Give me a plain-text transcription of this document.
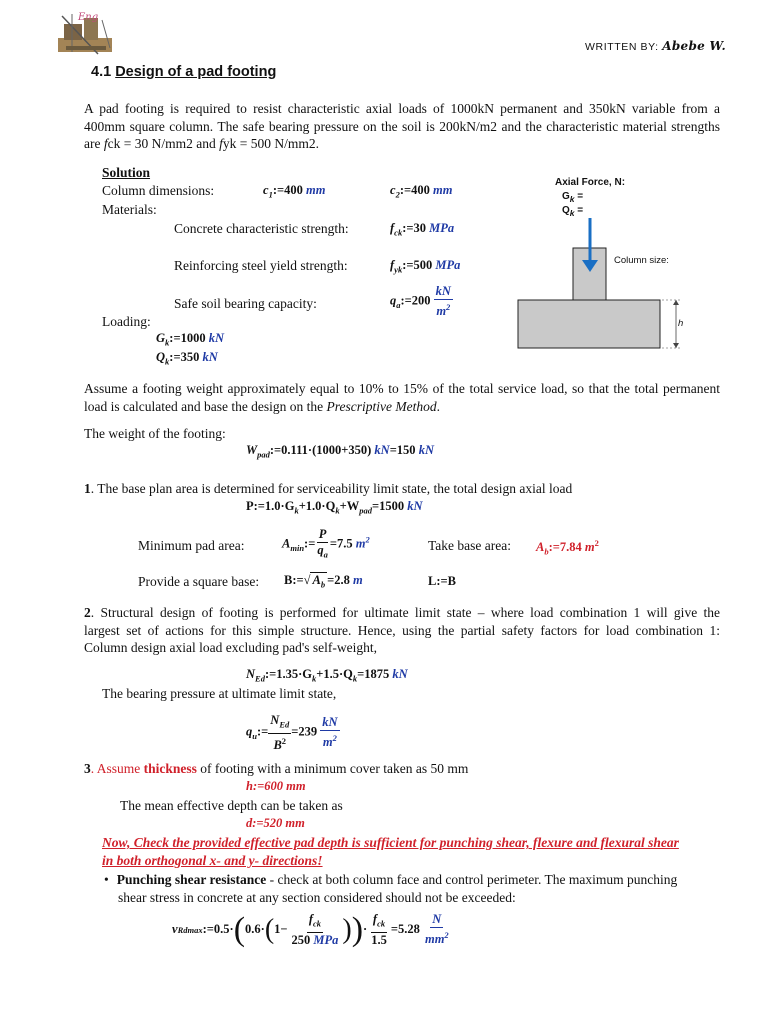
Eng
WRITTEN BY: Abebe W.
4.1 Design of a pad footing
A pad footing is required to resist characteristic axial loads of 1000kN permanent and 350kN variable from a
400mm square column. The safe bearing pressure on the soil is 200kN/m2 and the characteristic material strengths
are fck = 30 N/mm2 and fyk = 500 N/mm2.
Solution
Column dimensions:	$c_1:=400$ mm	$c_2:=400$ mm
Materials:
Concrete characteristic strength:	$f_{ck}:=30$ MPa
Reinforcing steel yield strength:	$f_{yk}:=500$ MPa
Safe soil bearing capacity:	$q_a:=200 \frac{kN}{m^2}$
Loading:
$G_k:=1000$ kN
$Q_k:=350$ kN
Axial Force, N:
$G_k$ =
$Q_k$ =
Column size:
h
Assume a footing weight approximately equal to 10% to 15% of the total service load, so that the total permanent
load is calculated and base the design on the Prescriptive Method.
The weight of the footing:
$W_{pad}:=0.111\cdot(1000+350)$ kN=150 kN
1. The base plan area is determined for serviceability limit state, the total design axial load
$P:=1.0\cdot G_k+1.0\cdot Q_k+W_{pad}=1500$ kN
Minimum pad area:	$A_{min}:= \frac{P}{q_a} =7.5$ $m^2$	Take base area: $A_b:=7.84$ $m^2$
Provide a square base: B:=√ $A_b =2.8$ m	L:=B
2. Structural design of footing is performed for ultimate limit state – where load combination 1 will give the
largest set of actions for this simple structure. Hence, using the partial safety factors for load combination 1:
Column design axial load excluding pad's self-weight,
$N_{Ed}:=1.35\cdot G_k+1.5\cdot Q_k=1875$ kN
The bearing pressure at ultimate limit state,
$q_u:= \frac{N_{Ed}}{B^2} =239 \frac{kN}{m^2}$
3. Assume thickness of footing with a minimum cover taken as 50 mm
h:=600 mm
The mean effective depth can be taken as
d:=520 mm
Now, Check the provided effective pad depth is sufficient for punching shear, flexure and flexural shear
in both orthogonal x- and y- directions!
• Punching shear resistance - check at both column face and control perimeter. The maximum punching
shear stress in concrete at any section considered should not be exceeded:
v Rdmax :=0.5· ( 0.6· ( $1- \frac{f_{ck}}{\text{250 MPa}}$ ) ) · $\frac{f_{ck}}{1.5} =5.28$
$\frac{N}{mm^2}$
